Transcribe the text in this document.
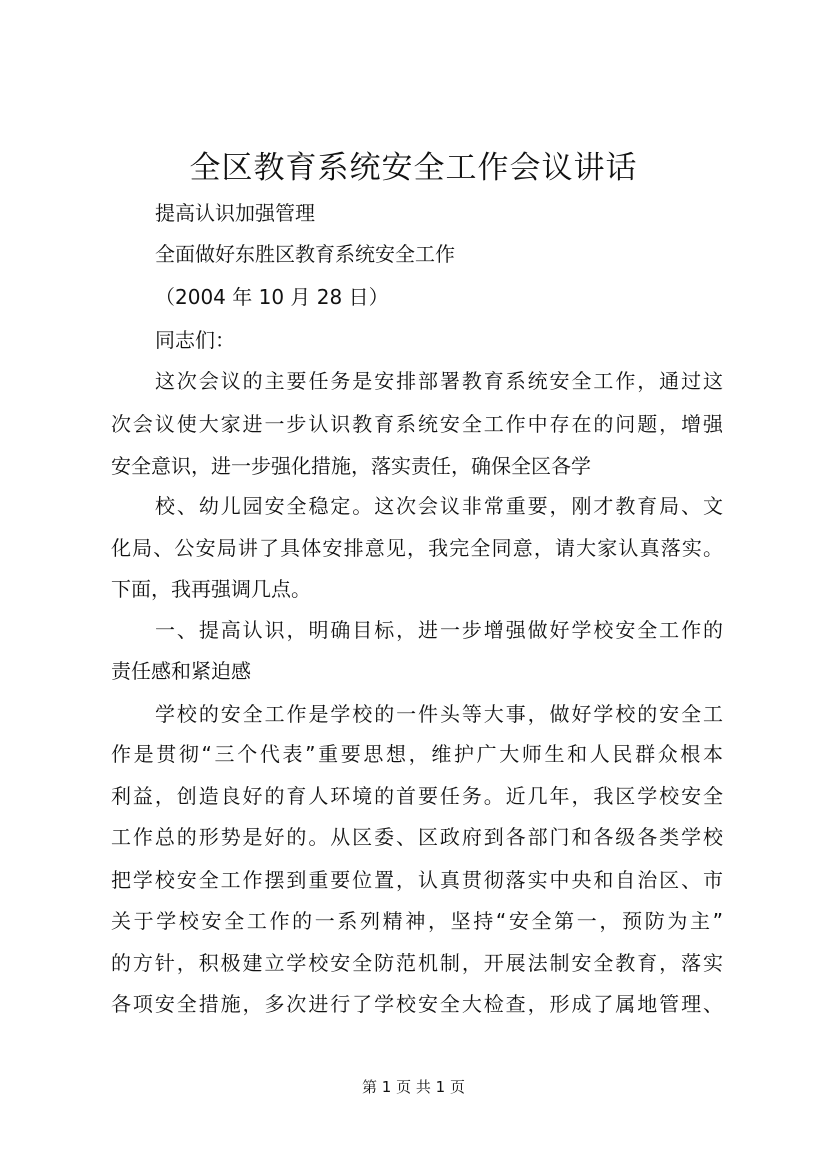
全区教育系统安全工作会议讲话
提高认识加强管理
全面做好东胜区教育系统安全工作
（2004 年 10 月 28 日）
同志们：
这次会议的主要任务是安排部署教育系统安全工作，通过这
次会议使大家进一步认识教育系统安全工作中存在的问题，增强
安全意识，进一步强化措施，落实责任，确保全区各学
校、幼儿园安全稳定。这次会议非常重要，刚才教育局、文
化局、公安局讲了具体安排意见，我完全同意，请大家认真落实。
下面，我再强调几点。
一、提高认识，明确目标，进一步增强做好学校安全工作的
责任感和紧迫感
学校的安全工作是学校的一件头等大事，做好学校的安全工
作是贯彻“三个代表”重要思想，维护广大师生和人民群众根本
利益，创造良好的育人环境的首要任务。近几年，我区学校安全
工作总的形势是好的。从区委、区政府到各部门和各级各类学校
把学校安全工作摆到重要位置，认真贯彻落实中央和自治区、市
关于学校安全工作的一系列精神，坚持“安全第一，预防为主”
的方针，积极建立学校安全防范机制，开展法制安全教育，落实
各项安全措施，多次进行了学校安全大检查，形成了属地管理、
第 1 页 共 1 页
